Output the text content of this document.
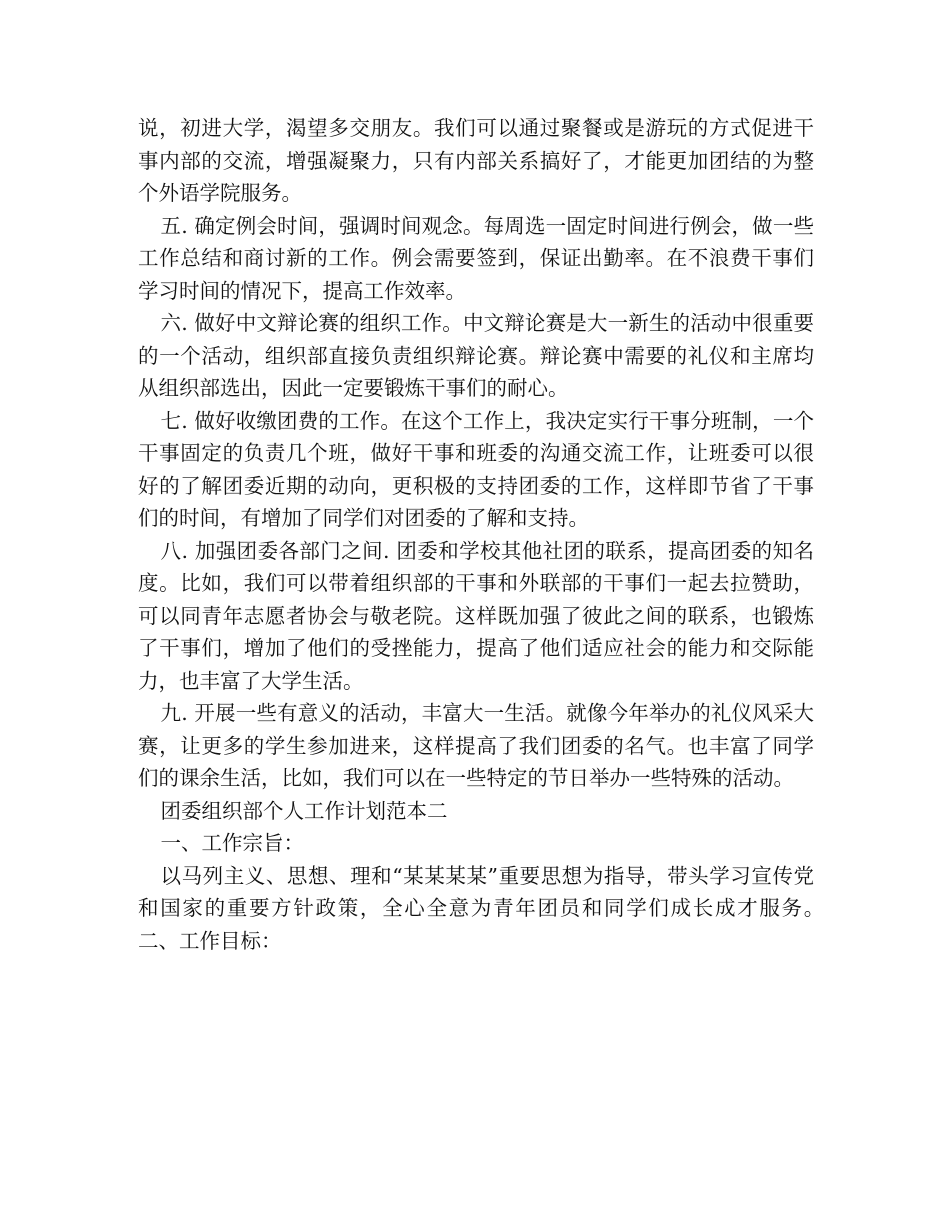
说，初进大学，渴望多交朋友。我们可以通过聚餐或是游玩的方式促进干事内部的交流，增强凝聚力，只有内部关系搞好了，才能更加团结的为整个外语学院服务。

五. 确定例会时间，强调时间观念。每周选一固定时间进行例会，做一些工作总结和商讨新的工作。例会需要签到，保证出勤率。在不浪费干事们学习时间的情况下，提高工作效率。

六. 做好中文辩论赛的组织工作。中文辩论赛是大一新生的活动中很重要的一个活动，组织部直接负责组织辩论赛。辩论赛中需要的礼仪和主席均从组织部选出，因此一定要锻炼干事们的耐心。

七. 做好收缴团费的工作。在这个工作上，我决定实行干事分班制，一个干事固定的负责几个班，做好干事和班委的沟通交流工作，让班委可以很好的了解团委近期的动向，更积极的支持团委的工作，这样即节省了干事们的时间，有增加了同学们对团委的了解和支持。

八. 加强团委各部门之间. 团委和学校其他社团的联系，提高团委的知名度。比如，我们可以带着组织部的干事和外联部的干事们一起去拉赞助，可以同青年志愿者协会与敬老院。这样既加强了彼此之间的联系，也锻炼了干事们，增加了他们的受挫能力，提高了他们适应社会的能力和交际能力，也丰富了大学生活。

九. 开展一些有意义的活动，丰富大一生活。就像今年举办的礼仪风采大赛，让更多的学生参加进来，这样提高了我们团委的名气。也丰富了同学们的课余生活，比如，我们可以在一些特定的节日举办一些特殊的活动。

团委组织部个人工作计划范本二

一、工作宗旨：

以马列主义、思想、理和“某某某某”重要思想为指导，带头学习宣传党和国家的重要方针政策，全心全意为青年团员和同学们成长成才服务。　　二、工作目标：
